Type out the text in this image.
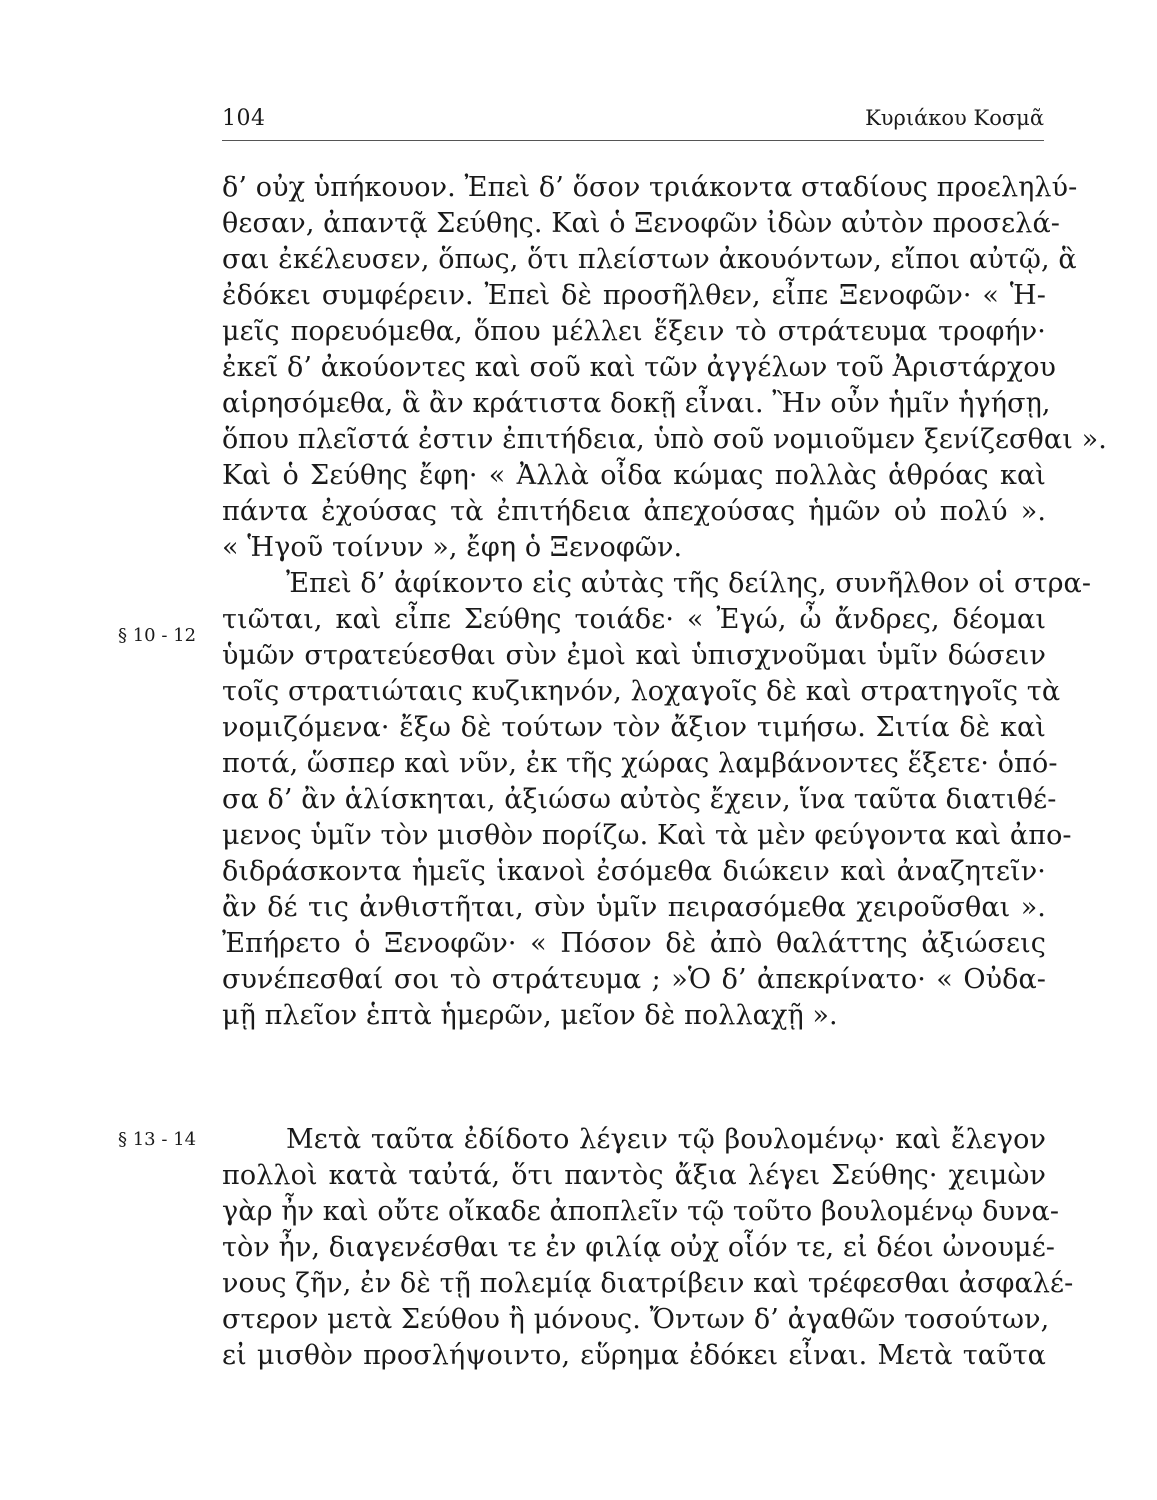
104	Κυριάκου Κοσμᾶ
§ 10 - 12
§ 13 - 14
δ’ οὐχ ὑπήκουον. Ἐπεὶ δ’ ὅσον τριάκοντα σταδίους προεληλύ-
θεσαν, ἀπαντᾷ Σεύθης. Καὶ ὁ Ξενοφῶν ἰδὼν αὐτὸν προσελά-
σαι ἐκέλευσεν, ὅπως, ὅτι πλείστων ἀκουόντων, εἴποι αὐτῷ, ἃ
ἐδόκει συμφέρειν. Ἐπεὶ δὲ προσῆλθεν, εἶπε Ξενοφῶν· « Ἡ-
μεῖς πορευόμεθα, ὅπου μέλλει ἕξειν τὸ στράτευμα τροφήν·
ἐκεῖ δ’ ἀκούοντες καὶ σοῦ καὶ τῶν ἀγγέλων τοῦ Ἀριστάρχου
αἱρησόμεθα, ἃ ἂν κράτιστα δοκῇ εἶναι. Ἢν οὖν ἡμῖν ἡγήσῃ,
ὅπου πλεῖστά ἐστιν ἐπιτήδεια, ὑπὸ σοῦ νομιοῦμεν ξενίζεσθαι ».
Καὶ ὁ Σεύθης ἔφη· « Ἀλλὰ οἶδα κώμας πολλὰς ἁθρόας καὶ
πάντα ἐχούσας τὰ ἐπιτήδεια ἀπεχούσας ἡμῶν οὐ πολύ ».
« Ἡγοῦ τοίνυν », ἔφη ὁ Ξενοφῶν.
Ἐπεὶ δ’ ἀφίκοντο εἰς αὐτὰς τῆς δείλης, συνῆλθον οἱ στρα-
τιῶται, καὶ εἶπε Σεύθης τοιάδε· « Ἐγώ, ὦ ἄνδρες, δέομαι
ὑμῶν στρατεύεσθαι σὺν ἐμοὶ καὶ ὑπισχνοῦμαι ὑμῖν δώσειν
τοῖς στρατιώταις κυζικηνόν, λοχαγοῖς δὲ καὶ στρατηγοῖς τὰ
νομιζόμενα· ἔξω δὲ τούτων τὸν ἄξιον τιμήσω. Σιτία δὲ καὶ
ποτά, ὥσπερ καὶ νῦν, ἐκ τῆς χώρας λαμβάνοντες ἕξετε· ὁπό-
σα δ’ ἂν ἁλίσκηται, ἀξιώσω αὐτὸς ἔχειν, ἵνα ταῦτα διατιθέ-
μενος ὑμῖν τὸν μισθὸν πορίζω. Καὶ τὰ μὲν φεύγοντα καὶ ἀπο-
διδράσκοντα ἡμεῖς ἱκανοὶ ἐσόμεθα διώκειν καὶ ἀναζητεῖν·
ἂν δέ τις ἀνθιστῆται, σὺν ὑμῖν πειρασόμεθα χειροῦσθαι ».
Ἐπήρετο ὁ Ξενοφῶν· « Πόσον δὲ ἀπὸ θαλάττης ἀξιώσεις
συνέπεσθαί σοι τὸ στράτευμα ; »Ὁ δ’ ἀπεκρίνατο· « Οὐδα-
μῇ πλεῖον ἑπτὰ ἡμερῶν, μεῖον δὲ πολλαχῇ ».
Μετὰ ταῦτα ἐδίδοτο λέγειν τῷ βουλομένῳ· καὶ ἔλεγον
πολλοὶ κατὰ ταὐτά, ὅτι παντὸς ἄξια λέγει Σεύθης· χειμὼν
γὰρ ἦν καὶ οὔτε οἴκαδε ἀποπλεῖν τῷ τοῦτο βουλομένῳ δυνα-
τὸν ἦν, διαγενέσθαι τε ἐν φιλίᾳ οὐχ οἷόν τε, εἰ δέοι ὠνουμέ-
νους ζῆν, ἐν δὲ τῇ πολεμίᾳ διατρίβειν καὶ τρέφεσθαι ἀσφαλέ-
στερον μετὰ Σεύθου ἢ μόνους. Ὄντων δ’ ἀγαθῶν τοσούτων,
εἰ μισθὸν προσλήψοιντο, εὕρημα ἐδόκει εἶναι. Μετὰ ταῦτα
